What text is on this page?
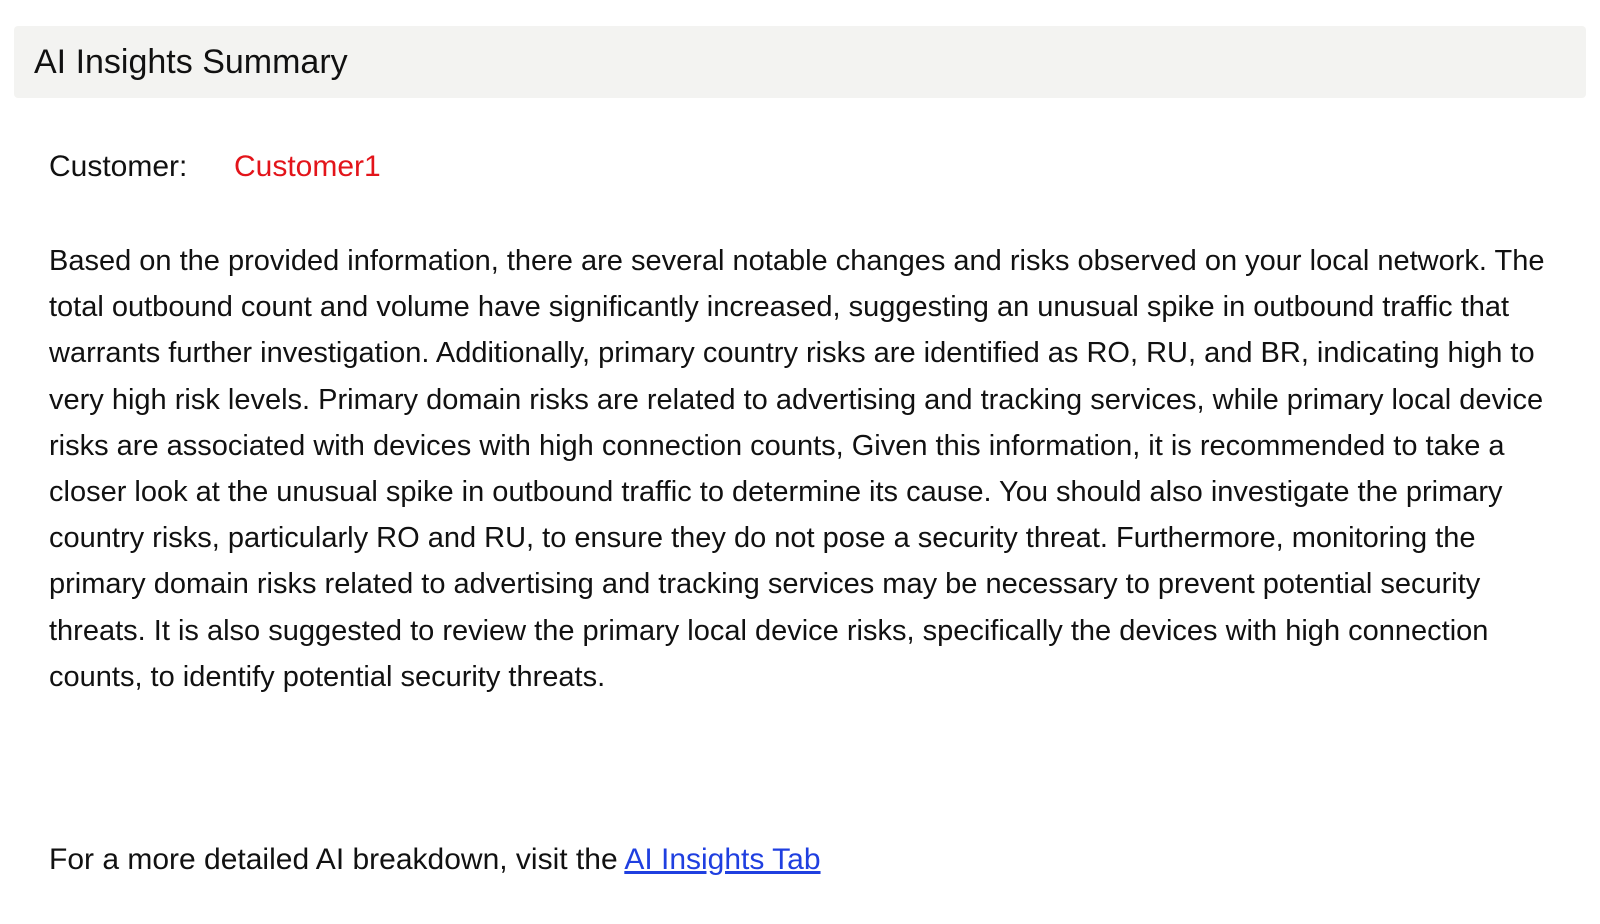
AI Insights Summary
Customer: Customer1

Based on the provided information, there are several notable changes and risks observed on your local network. The total outbound count and volume have significantly increased, suggesting an unusual spike in outbound traffic that warrants further investigation. Additionally, primary country risks are identified as RO, RU, and BR, indicating high to very high risk levels. Primary domain risks are related to advertising and tracking services, while primary local device risks are associated with devices with high connection counts, Given this information, it is recommended to take a closer look at the unusual spike in outbound traffic to determine its cause. You should also investigate the primary country risks, particularly RO and RU, to ensure they do not pose a security threat. Furthermore, monitoring the primary domain risks related to advertising and tracking services may be necessary to prevent potential security threats. It is also suggested to review the primary local device risks, specifically the devices with high connection counts, to identify potential security threats.

For a more detailed AI breakdown, visit the AI Insights Tab
